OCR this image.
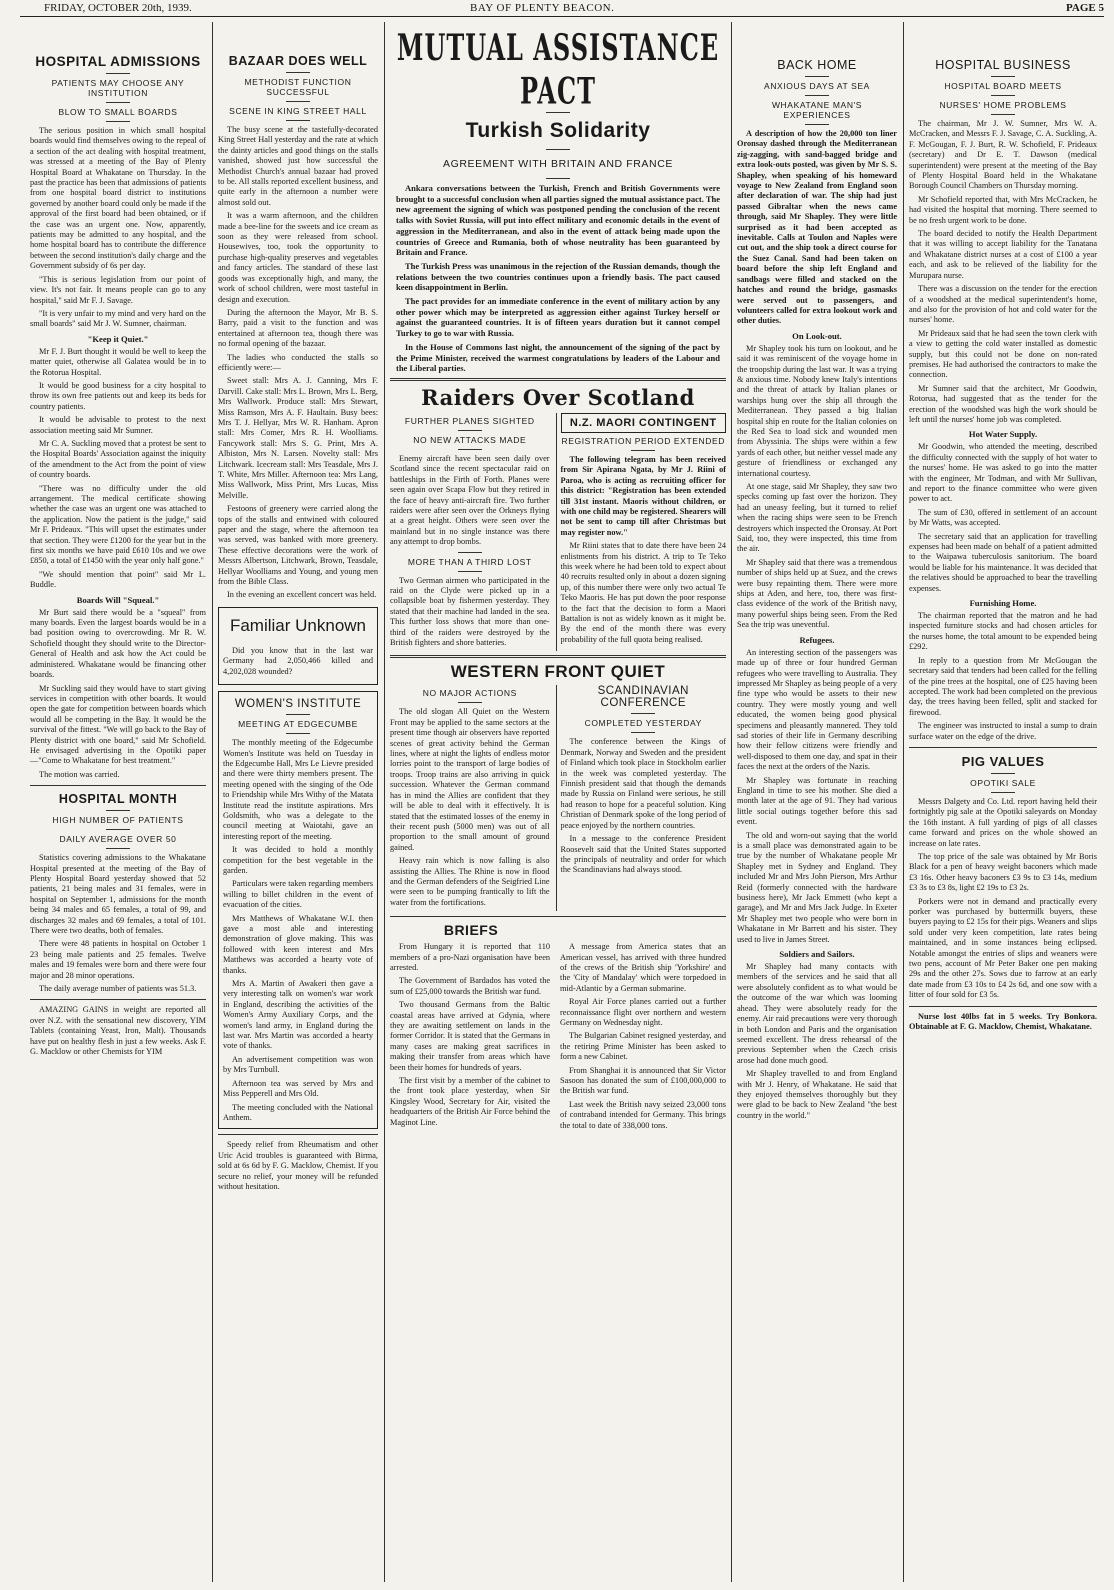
FRIDAY, OCTOBER 20th, 1939.	BAY OF PLENTY BEACON.	PAGE 5
HOSPITAL ADMISSIONS
PATIENTS MAY CHOOSE ANY INSTITUTION
BLOW TO SMALL BOARDS

The serious position in which small hospital boards would find themselves owing to the repeal of a section of the act dealing with hospital treatment, was stressed at a meeting of the Bay of Plenty Hospital Board at Whakatane on Thursday. In the past the practice has been that admissions of patients from one hospital board district to institutions governed by another board could only be made if the approval of the first board had been obtained, or if the case was an urgent one. Now, apparently, patients may be admitted to any hospital, and the home hospital board has to contribute the difference between the second institution's daily charge and the Government subsidy of 6s per day.

"This is serious legislation from our point of view. It's not fair. It means people can go to any hospital," said Mr F. J. Savage.

"It is very unfair to my mind and very hard on the small boards" said Mr J. W. Sumner, chairman.

"Keep it Quiet."

Mr F. J. Burt thought it would be well to keep the matter quiet, otherwise all Galatea would be in to the Rotorua Hospital.

It would be good business for a city hospital to throw its own free patients out and keep its beds for country patients.

It would be advisable to protest to the next association meeting said Mr Sumner.

Mr C. A. Suckling moved that a protest be sent to the Hospital Boards' Association against the iniquity of the amendment to the Act from the point of view of country boards.

"There was no difficulty under the old arrangement. The medical certificate showing whether the case was an urgent one was attached to the application. Now the patient is the judge," said Mr F. Prideaux. "This will upset the estimates under that section. They were £1200 for the year but in the first six months we have paid £610 10s and we owe £850, a total of £1450 with the year only half gone."

"We should mention that point" said Mr L. Buddle.

Boards Will "Squeal."

Mr Burt said there would be a "squeal" from many boards. Even the largest boards would be in a bad position owing to overcrowding. Mr R. W. Schofield thought they should write to the Director-General of Health and ask how the Act could be administered. Whakatane would be financing other boards.

Mr Suckling said they would have to start giving services in competition with other boards. It would open the gate for competition between boards which would all be competing in the Bay. It would be the survival of the fittest. "We will go back to the Bay of Plenty district with one board," said Mr Schofield. He envisaged advertising in the Opotiki paper—"Come to Whakatane for best treatment."

The motion was carried.

HOSPITAL MONTH
HIGH NUMBER OF PATIENTS
DAILY AVERAGE OVER 50

Statistics covering admissions to the Whakatane Hospital presented at the meeting of the Bay of Plenty Hospital Board yesterday showed that 52 patients, 21 being males and 31 females, were in hospital on September 1, admissions for the month being 34 males and 65 females, a total of 99, and discharges 32 males and 69 females, a total of 101. There were two deaths, both of females.

There were 48 patients in hospital on October 1 23 being male patients and 25 females. Twelve males and 19 females were born and there were four major and 28 minor operations.

The daily average number of patients was 51.3.

AMAZING GAINS in weight are reported all over N.Z. with the sensational new discovery, YIM Tablets (containing Yeast, Iron, Malt). Thousands have put on healthy flesh in just a few weeks. Ask F. G. Macklow or other Chemists for YIM

BAZAAR DOES WELL
METHODIST FUNCTION SUCCESSFUL
SCENE IN KING STREET HALL

The busy scene at the tastefully-decorated King Street Hall yesterday and the rate at which the dainty articles and good things on the stalls vanished, showed just how successful the Methodist Church's annual bazaar had proved to be. All stalls reported excellent business, and quite early in the afternoon a number were almost sold out.

It was a warm afternoon, and the children made a bee-line for the sweets and ice cream as soon as they were released from school. Housewives, too, took the opportunity to purchase high-quality preserves and vegetables and fancy articles. The standard of these last goods was exceptionally high, and many, the work of school children, were most tasteful in design and execution.

During the afternoon the Mayor, Mr B. S. Barry, paid a visit to the function and was entertained at afternoon tea, though there was no formal opening of the bazaar.

The ladies who conducted the stalls so efficiently were:—

Sweet stall: Mrs A. J. Canning, Mrs F. Darvill. Cake stall: Mrs L. Brown, Mrs L. Berg, Mrs Wallwork. Produce stall: Mrs Stewart, Miss Ramson, Mrs A. F. Haultain. Busy bees: Mrs T. J. Hellyar, Mrs W. R. Hanham. Apron stall: Mrs Comer, Mrs R. H. Woolliams. Fancywork stall: Mrs S. G. Print, Mrs A. Albiston, Mrs N. Larsen. Novelty stall: Mrs Litchwark. Icecream stall: Mrs Teasdale, Mrs J. T. White, Mrs Miller. Afternoon tea: Mrs Lang, Miss Wallwork, Miss Print, Mrs Lucas, Miss Melville.

Festoons of greenery were carried along the tops of the stalls and entwined with coloured paper and the stage, where the afternoon tea was served, was banked with more greenery. These effective decorations were the work of Messrs Albertson, Litchwark, Brown, Teasdale, Hellyar Woolliams and Young, and young men from the Bible Class.

In the evening an excellent concert was held.

Familiar Unknown

Did you know that in the last war Germany had 2,050,466 killed and 4,202,028 wounded?

WOMEN'S INSTITUTE
MEETING AT EDGECUMBE

The monthly meeting of the Edgecumbe Women's Institute was held on Tuesday in the Edgecumbe Hall, Mrs Le Lievre presided and there were thirty members present. The meeting opened with the singing of the Ode to Friendship while Mrs Withy of the Matata Institute read the institute aspirations. Mrs Goldsmith, who was a delegate to the council meeting at Waiotahi, gave an interesting report of the meeting.

It was decided to hold a monthly competition for the best vegetable in the garden.

Particulars were taken regarding members willing to billet children in the event of evacuation of the cities.

Mrs Matthews of Whakatane W.I. then gave a most able and interesting demonstration of glove making. This was followed with keen interest and Mrs Matthews was accorded a hearty vote of thanks.

Mrs A. Martin of Awakeri then gave a very interesting talk on women's war work in England, describing the activities of the Women's Army Auxiliary Corps, and the women's land army, in England during the last war. Mrs Martin was accorded a hearty vote of thanks.

An advertisement competition was won by Mrs Turnbull.

Afternoon tea was served by Mrs and Miss Pepperell and Mrs Old.

The meeting concluded with the National Anthem.

Speedy relief from Rheumatism and other Uric Acid troubles is guaranteed with Birma, sold at 6s 6d by F. G. Macklow, Chemist. If you secure no relief, your money will be refunded without hesitation.

MUTUAL ASSISTANCE PACT
Turkish Solidarity
AGREEMENT WITH BRITAIN AND FRANCE

Ankara conversations between the Turkish, French and British Governments were brought to a successful conclusion when all parties signed the mutual assistance pact. The new agreement the signing of which was postponed pending the conclusion of the recent talks with Soviet Russia, will put into effect military and economic details in the event of aggression in the Mediterranean, and also in the event of attack being made upon the countries of Greece and Rumania, both of whose neutrality has been guaranteed by Britain and France.

The Turkish Press was unanimous in the rejection of the Russian demands, though the relations between the two countries continues upon a friendly basis. The pact caused keen disappointment in Berlin.

The pact provides for an immediate conference in the event of military action by any other power which may be interpreted as aggression either against Turkey herself or against the guaranteed countries. It is of fifteen years duration but it cannot compel Turkey to go to war with Russia.

In the House of Commons last night, the announcement of the signing of the pact by the Prime Minister, received the warmest congratulations by leaders of the Labour and the Liberal parties.

Raiders Over Scotland
FURTHER PLANES SIGHTED
NO NEW ATTACKS MADE

Enemy aircraft have been seen daily over Scotland since the recent spectacular raid on battleships in the Firth of Forth. Planes were seen again over Scapa Flow but they retired in the face of heavy anti-aircraft fire. Two further raiders were after seen over the Orkneys flying at a great height. Others were seen over the mainland but in no single instance was there any attempt to drop bombs.

MORE THAN A THIRD LOST

Two German airmen who participated in the raid on the Clyde were picked up in a collapsible boat by fishermen yesterday. They stated that their machine had landed in the sea. This further loss shows that more than one-third of the raiders were destroyed by the British fighters and shore batteries.

N.Z. MAORI CONTINGENT
REGISTRATION PERIOD EXTENDED

The following telegram has been received from Sir Apirana Ngata, by Mr J. Riini of Paroa, who is acting as recruiting officer for this district: "Registration has been extended till 31st instant. Maoris without children, or with one child may be registered. Shearers will not be sent to camp till after Christmas but may register now."

Mr Riini states that to date there have been 24 enlistments from his district. A trip to Te Teko this week where he had been told to expect about 40 recruits resulted only in about a dozen signing up, of this number there were only two actual Te Teko Maoris. He has put down the poor response to the fact that the decision to form a Maori Battalion is not as widely known as it might be. By the end of the month there was every probability of the full quota being realised.

WESTERN FRONT QUIET
NO MAJOR ACTIONS

The old slogan All Quiet on the Western Front may be applied to the same sectors at the present time though air observers have reported scenes of great activity behind the German lines, where at night the lights of endless motor lorries point to the transport of large bodies of troops. Troop trains are also arriving in quick succession. Whatever the German command has in mind the Allies are confident that they will be able to deal with it effectively. It is stated that the estimated losses of the enemy in their recent push (5000 men) was out of all proportion to the small amount of ground gained.

Heavy rain which is now falling is also assisting the Allies. The Rhine is now in flood and the German defenders of the Seigfried Line were seen to be pumping frantically to lift the water from the fortifications.

SCANDINAVIAN CONFERENCE
COMPLETED YESTERDAY

The conference between the Kings of Denmark, Norway and Sweden and the president of Finland which took place in Stockholm earlier in the week was completed yesterday. The Finnish president said that though the demands made by Russia on Finland were serious, he still had reason to hope for a peaceful solution. King Christian of Denmark spoke of the long period of peace enjoyed by the northern countries.

In a message to the conference President Roosevelt said that the United States supported the principals of neutrality and order for which the Scandinavians had always stood.

BRIEFS

From Hungary it is reported that 110 members of a pro-Nazi organisation have been arrested.

The Government of Bardados has voted the sum of £25,000 towards the British war fund.

Two thousand Germans from the Baltic coastal areas have arrived at Gdynia, where they are awaiting settlement on lands in the former Corridor. It is stated that the Germans in many cases are making great sacrifices in making their transfer from areas which have been their homes for hundreds of years.

The first visit by a member of the cabinet to the front took place yesterday, when Sir Kingsley Wood, Secretary for Air, visited the headquarters of the British Air Force behind the Maginot Line.

A message from America states that an American vessel, has arrived with three hundred of the crews of the British ship 'Yorkshire' and the 'City of Mandalay' which were torpedoed in mid-Atlantic by a German submarine.

Royal Air Force planes carried out a further reconnaissance flight over northern and western Germany on Wednesday night.

The Bulgarian Cabinet resigned yesterday, and the retiring Prime Minister has been asked to form a new Cabinet.

From Shanghai it is announced that Sir Victor Sasoon has donated the sum of £100,000,000 to the British war fund.

Last week the British navy seized 23,000 tons of contraband intended for Germany. This brings the total to date of 338,000 tons.

BACK HOME
ANXIOUS DAYS AT SEA
WHAKATANE MAN'S EXPERIENCES

A description of how the 20,000 ton liner Oronsay dashed through the Mediterranean zig-zagging, with sand-bagged bridge and extra look-outs posted, was given by Mr S. S. Shapley, when speaking of his homeward voyage to New Zealand from England soon after declaration of war. The ship had just passed Gibraltar when the news came through, said Mr Shapley. They were little surprised as it had been accepted as inevitable. Calls at Toulon and Naples were cut out, and the ship took a direct course for the Suez Canal. Sand had been taken on board before the ship left England and sandbags were filled and stacked on the hatches and round the bridge, gasmasks were served out to passengers, and volunteers called for extra lookout work and other duties.

On Look-out.

Mr Shapley took his turn on lookout, and he said it was reminiscent of the voyage home in the troopship during the last war. It was a trying & anxious time. Nobody knew Italy's intentions and the threat of attack by Italian planes or warships hung over the ship all through the Mediterranean. They passed a big Italian hospital ship en route for the Italian colonies on the Red Sea to load sick and wounded men from Abyssinia. The ships were within a few yards of each other, but neither vessel made any gesture of friendliness or exchanged any international courtesy.

At one stage, said Mr Shapley, they saw two specks coming up fast over the horizon. They had an uneasy feeling, but it turned to relief when the racing ships were seen to be French destroyers which inspected the Oronsay. At Port Said, too, they were inspected, this time from the air.

Mr Shapley said that there was a tremendous number of ships held up at Suez, and the crews were busy repainting them. There were more ships at Aden, and here, too, there was first-class evidence of the work of the British navy, many powerful ships being seen. From the Red Sea the trip was uneventful.

Refugees.

An interesting section of the passengers was made up of three or four hundred German refugees who were travelling to Australia. They impressed Mr Shapley as being people of a very fine type who would be assets to their new country. They were mostly young and well educated, the women being good physical specimens and pleasantly mannered. They told sad stories of their life in Germany describing how their fellow citizens were friendly and well-disposed to them one day, and spat in their faces the next at the orders of the Nazis.

Mr Shapley was fortunate in reaching England in time to see his mother. She died a month later at the age of 91. They had various little social outings together before this sad event.

The old and worn-out saying that the world is a small place was demonstrated again to be true by the number of Whakatane people Mr Shapley met in Sydney and England. They included Mr and Mrs John Pierson, Mrs Arthur Reid (formerly connected with the hardware business here), Mr Jack Emmett (who kept a garage), and Mr and Mrs Jack Judge. In Exeter Mr Shapley met two people who were born in Whakatane in Mr Barrett and his sister. They used to live in James Street.

Soldiers and Sailors.

Mr Shapley had many contacts with members of the services and he said that all were absolutely confident as to what would be the outcome of the war which was looming ahead. They were absolutely ready for the enemy. Air raid precautions were very thorough in both London and Paris and the organisation seemed excellent. The dress rehearsal of the previous September when the Czech crisis arose had done much good.

Mr Shapley travelled to and from England with Mr J. Henry, of Whakatane. He said that they enjoyed themselves thoroughly but they were glad to be back to New Zealand "the best country in the world."

HOSPITAL BUSINESS
HOSPITAL BOARD MEETS
NURSES' HOME PROBLEMS

The chairman, Mr J. W. Sumner, Mrs W. A. McCracken, and Messrs F. J. Savage, C. A. Suckling, A. F. McGougan, F. J. Burt, R. W. Schofield, F. Prideaux (secretary) and Dr E. T. Dawson (medical superintendent) were present at the meeting of the Bay of Plenty Hospital Board held in the Whakatane Borough Council Chambers on Thursday morning.

Mr Schofield reported that, with Mrs McCracken, he had visited the hospital that morning. There seemed to be no fresh urgent work to be done.

The board decided to notify the Health Department that it was willing to accept liability for the Tanatana and Whakatane district nurses at a cost of £100 a year each, and ask to be relieved of the liability for the Murupara nurse.

There was a discussion on the tender for the erection of a woodshed at the medical superintendent's home, and also for the provision of hot and cold water for the nurses' home.

Mr Prideaux said that he had seen the town clerk with a view to getting the cold water installed as domestic supply, but this could not be done on non-rated premises. He had authorised the contractors to make the connection.

Mr Sumner said that the architect, Mr Goodwin, Rotorua, had suggested that as the tender for the erection of the woodshed was high the work should be left until the nurses' home job was completed.

Hot Water Supply.

Mr Goodwin, who attended the meeting, described the difficulty connected with the supply of hot water to the nurses' home. He was asked to go into the matter with the engineer, Mr Todman, and with Mr Sullivan, and report to the finance committee who were given power to act.

The sum of £30, offered in settlement of an account by Mr Watts, was accepted.

The secretary said that an application for travelling expenses had been made on behalf of a patient admitted to the Waipawa tuberculosis sanitorium. The board would be liable for his maintenance. It was decided that the relatives should be approached to bear the travelling expenses.

Furnishing Home.

The chairman reported that the matron and he had inspected furniture stocks and had chosen articles for the nurses home, the total amount to be expended being £292.

In reply to a question from Mr McGougan the secretary said that tenders had been called for the felling of the pine trees at the hospital, one of £25 having been accepted. The work had been completed on the previous day, the trees having been felled, split and stacked for firewood.

The engineer was instructed to instal a sump to drain surface water on the edge of the drive.

PIG VALUES
OPOTIKI SALE

Messrs Dalgety and Co. Ltd. report having held their fortnightly pig sale at the Opotiki saleyards on Monday the 16th instant. A full yarding of pigs of all classes came forward and prices on the whole showed an increase on late rates.

The top price of the sale was obtained by Mr Boris Black for a pen of heavy weight baconers which made £3 16s. Other heavy baconers £3 9s to £3 14s, medium £3 3s to £3 8s, light £2 19s to £3 2s.

Porkers were not in demand and practically every porker was purchased by buttermilk buyers, these buyers paying to £2 15s for their pigs. Weaners and slips sold under very keen competition, late rates being maintained, and in some instances being eclipsed. Notable amongst the entries of slips and weaners were two pens, account of Mr Peter Baker one pen making 29s and the other 27s. Sows due to farrow at an early date made from £3 10s to £4 2s 6d, and one sow with a litter of four sold for £3 5s.

Nurse lost 40lbs fat in 5 weeks. Try Bonkora. Obtainable at F. G. Macklow, Chemist, Whakatane.
